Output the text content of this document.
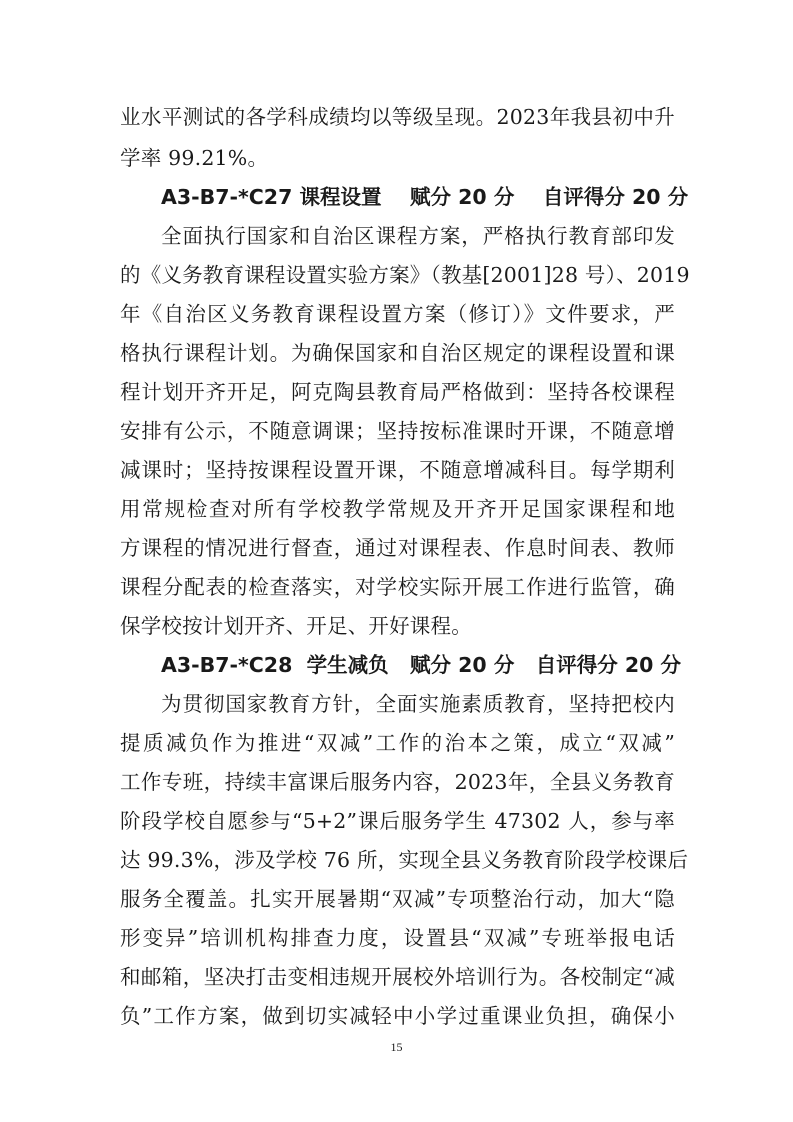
业水平测试的各学科成绩均以等级呈现。2023年我县初中升
学率 99.21%。
A3-B7-*C27 课程设置    赋分 20 分    自评得分 20 分
全面执行国家和自治区课程方案，严格执行教育部印发
的《义务教育课程设置实验方案》（教基[2001]28 号）、2019
年《自治区义务教育课程设置方案（修订）》文件要求，严
格执行课程计划。为确保国家和自治区规定的课程设置和课
程计划开齐开足，阿克陶县教育局严格做到：坚持各校课程
安排有公示，不随意调课；坚持按标准课时开课，不随意增
减课时；坚持按课程设置开课，不随意增减科目。每学期利
用常规检查对所有学校教学常规及开齐开足国家课程和地
方课程的情况进行督查，通过对课程表、作息时间表、教师
课程分配表的检查落实，对学校实际开展工作进行监管，确
保学校按计划开齐、开足、开好课程。
A3-B7-*C28  学生减负   赋分 20 分   自评得分 20 分
为贯彻国家教育方针，全面实施素质教育，坚持把校内
提质减负作为推进“双减”工作的治本之策，成立“双减”
工作专班，持续丰富课后服务内容，2023年，全县义务教育
阶段学校自愿参与“5+2”课后服务学生 47302 人，参与率
达 99.3%，涉及学校 76 所，实现全县义务教育阶段学校课后
服务全覆盖。扎实开展暑期“双减”专项整治行动，加大“隐
形变异”培训机构排查力度，设置县“双减”专班举报电话
和邮箱，坚决打击变相违规开展校外培训行为。各校制定“减
负”工作方案，做到切实减轻中小学过重课业负担，确保小
15
